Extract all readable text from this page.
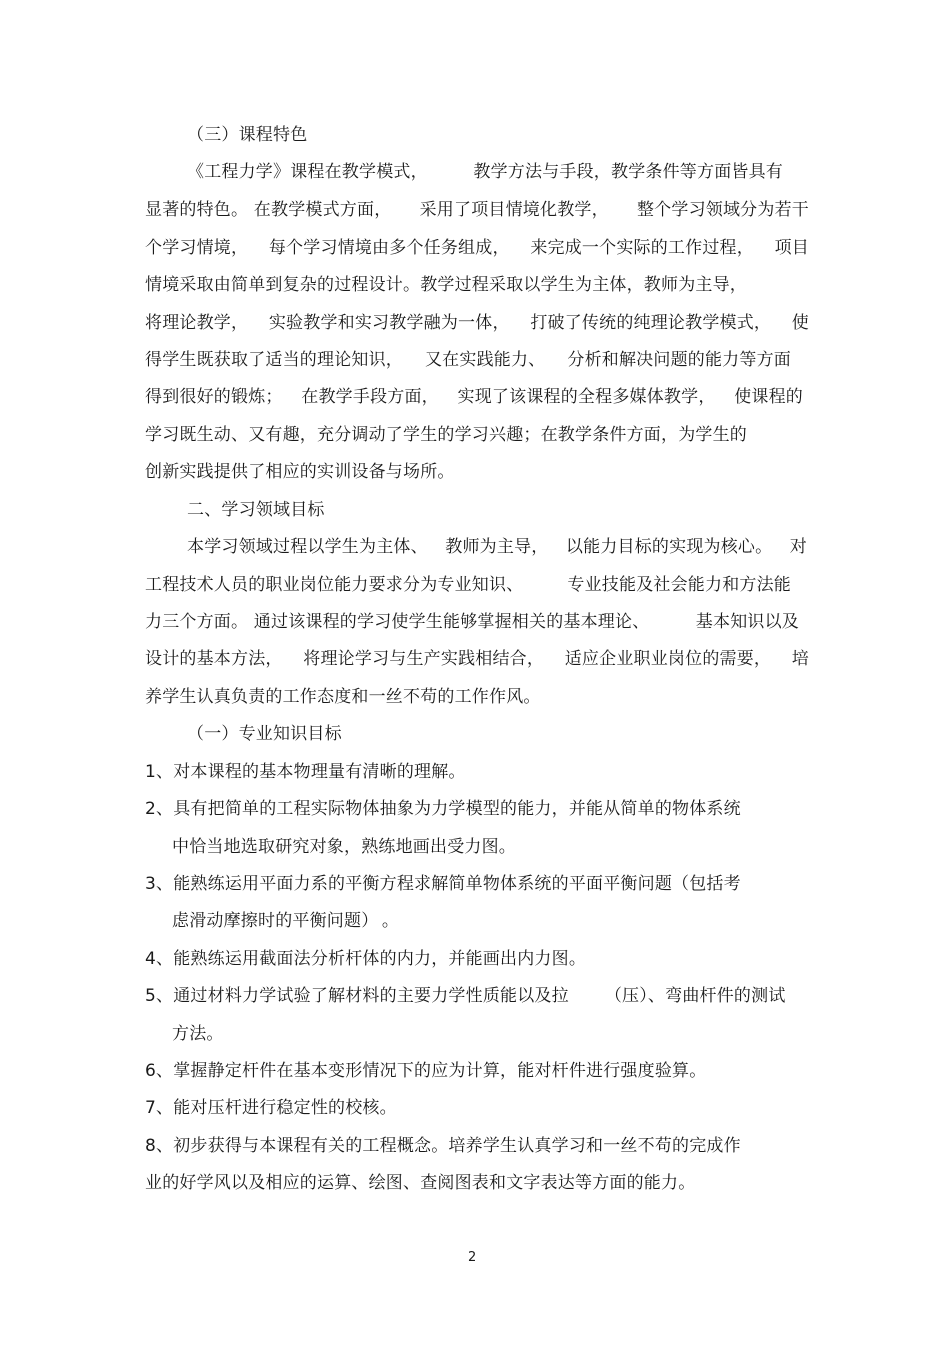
（三）课程特色
《工程力学》课程在教学模式，	教学方法与手段，教学条件等方面皆具有
显著的特色。 在教学模式方面， 采用了项目情境化教学， 整个学习领域分为若干
个学习情境， 每个学习情境由多个任务组成， 来完成一个实际的工作过程， 项目
情境采取由简单到复杂的过程设计。教学过程采取以学生为主体，教师为主导，
将理论教学， 实验教学和实习教学融为一体， 打破了传统的纯理论教学模式， 使
得学生既获取了适当的理论知识， 又在实践能力、 分析和解决问题的能力等方面
得到很好的锻炼； 在教学手段方面， 实现了该课程的全程多媒体教学， 使课程的
学习既生动、又有趣，充分调动了学生的学习兴趣；在教学条件方面，为学生的
创新实践提供了相应的实训设备与场所。
二、学习领域目标
本学习领域过程以学生为主体、 教师为主导， 以能力目标的实现为核心。 对
工程技术人员的职业岗位能力要求分为专业知识、	专业技能及社会能力和方法能
力三个方面。 通过该课程的学习使学生能够掌握相关的基本理论、	基本知识以及
设计的基本方法， 将理论学习与生产实践相结合， 适应企业职业岗位的需要， 培
养学生认真负责的工作态度和一丝不苟的工作作风。
（一）专业知识目标
1、对本课程的基本物理量有清晰的理解。
2、具有把简单的工程实际物体抽象为力学模型的能力，并能从简单的物体系统
中恰当地选取研究对象，熟练地画出受力图。
3、能熟练运用平面力系的平衡方程求解简单物体系统的平面平衡问题（包括考
虑滑动摩擦时的平衡问题） 。
4、能熟练运用截面法分析杆体的内力，并能画出内力图。
5、通过材料力学试验了解材料的主要力学性质能以及拉 （压）、弯曲杆件的测试
方法。
6、掌握静定杆件在基本变形情况下的应为计算，能对杆件进行强度验算。
7、能对压杆进行稳定性的校核。
8、初步获得与本课程有关的工程概念。培养学生认真学习和一丝不苟的完成作
业的好学风以及相应的运算、绘图、查阅图表和文字表达等方面的能力。
2
